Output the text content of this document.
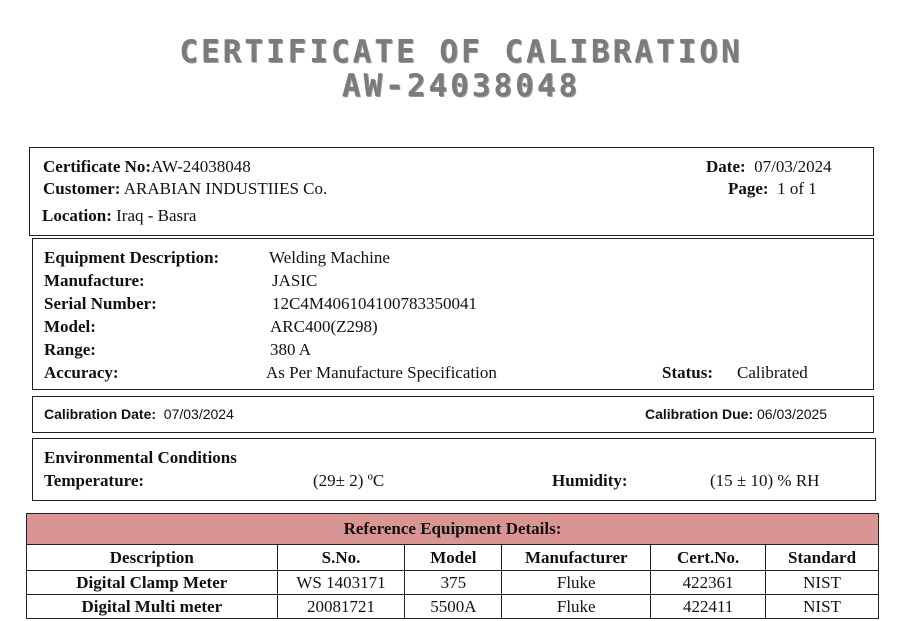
CERTIFICATE OF CALIBRATION
AW-24038048
Certificate No:AW-24038048
Customer: ARABIAN INDUSTIIES Co.
Location: Iraq - Basra
Date: 07/03/2024
Page: 1 of 1
Equipment Description:	Welding Machine
Manufacture:	JASIC
Serial Number:	12C4M406104100783350041
Model:	ARC400(Z298)
Range:	380 A
Accuracy:	As Per Manufacture Specification	Status: Calibrated
Calibration Date: 07/03/2024	Calibration Due: 06/03/2025
Environmental Conditions
Temperature:	(29± 2) ºC	Humidity:	(15 ± 10) % RH
Reference Equipment Details:					
Description	S.No.	Model	Manufacturer	Cert.No.	Standard
Digital Clamp Meter	WS 1403171	375	Fluke	422361	NIST
Digital Multi meter	20081721	5500A	Fluke	422411	NIST
